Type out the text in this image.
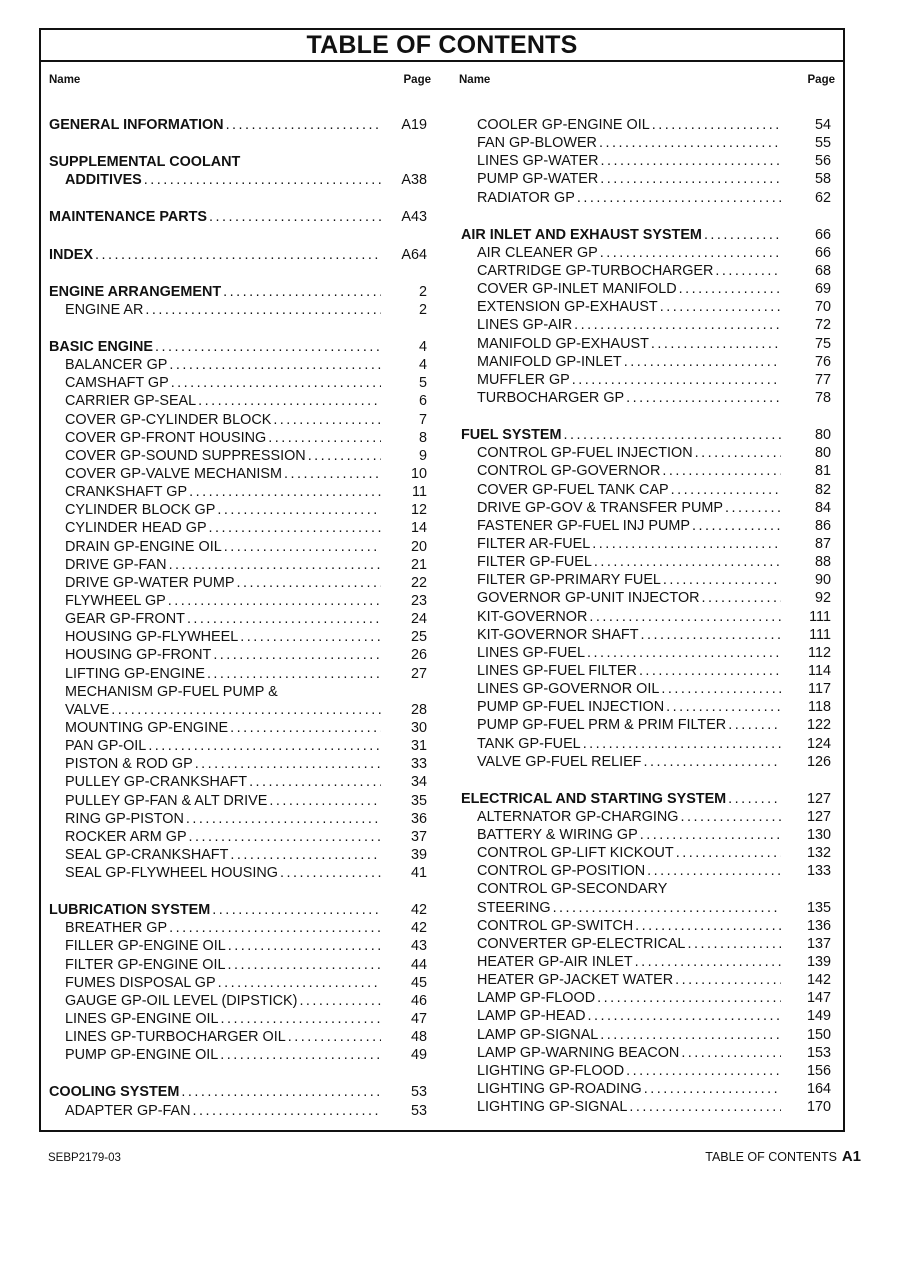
TABLE OF CONTENTS
Name	Page
GENERAL INFORMATION .....	A19
SUPPLEMENTAL COOLANT
ADDITIVES .....	A38
MAINTENANCE PARTS .....	A43
INDEX .....	A64
ENGINE ARRANGEMENT .....	2
ENGINE AR .....	2
BASIC ENGINE .....	4
BALANCER GP .....	4
CAMSHAFT GP .....	5
CARRIER GP-SEAL .....	6
COVER GP-CYLINDER BLOCK .....	7
COVER GP-FRONT HOUSING .....	8
COVER GP-SOUND SUPPRESSION .....	9
COVER GP-VALVE MECHANISM .....	10
CRANKSHAFT GP .....	11
CYLINDER BLOCK GP .....	12
CYLINDER HEAD GP .....	14
DRAIN GP-ENGINE OIL .....	20
DRIVE GP-FAN .....	21
DRIVE GP-WATER PUMP .....	22
FLYWHEEL GP .....	23
GEAR GP-FRONT .....	24
HOUSING GP-FLYWHEEL .....	25
HOUSING GP-FRONT .....	26
LIFTING GP-ENGINE .....	27
MECHANISM GP-FUEL PUMP &
VALVE .....	28
MOUNTING GP-ENGINE .....	30
PAN GP-OIL .....	31
PISTON & ROD GP .....	33
PULLEY GP-CRANKSHAFT .....	34
PULLEY GP-FAN & ALT DRIVE .....	35
RING GP-PISTON .....	36
ROCKER ARM GP .....	37
SEAL GP-CRANKSHAFT .....	39
SEAL GP-FLYWHEEL HOUSING .....	41
LUBRICATION SYSTEM .....	42
BREATHER GP .....	42
FILLER GP-ENGINE OIL .....	43
FILTER GP-ENGINE OIL .....	44
FUMES DISPOSAL GP .....	45
GAUGE GP-OIL LEVEL (DIPSTICK) .....	46
LINES GP-ENGINE OIL .....	47
LINES GP-TURBOCHARGER OIL .....	48
PUMP GP-ENGINE OIL .....	49
COOLING SYSTEM .....	53
ADAPTER GP-FAN .....	53
Name	Page
COOLER GP-ENGINE OIL .....	54
FAN GP-BLOWER .....	55
LINES GP-WATER .....	56
PUMP GP-WATER .....	58
RADIATOR GP .....	62
AIR INLET AND EXHAUST SYSTEM .....	66
AIR CLEANER GP .....	66
CARTRIDGE GP-TURBOCHARGER .....	68
COVER GP-INLET MANIFOLD .....	69
EXTENSION GP-EXHAUST .....	70
LINES GP-AIR .....	72
MANIFOLD GP-EXHAUST .....	75
MANIFOLD GP-INLET .....	76
MUFFLER GP .....	77
TURBOCHARGER GP .....	78
FUEL SYSTEM .....	80
CONTROL GP-FUEL INJECTION .....	80
CONTROL GP-GOVERNOR .....	81
COVER GP-FUEL TANK CAP .....	82
DRIVE GP-GOV & TRANSFER PUMP .....	84
FASTENER GP-FUEL INJ PUMP .....	86
FILTER AR-FUEL .....	87
FILTER GP-FUEL .....	88
FILTER GP-PRIMARY FUEL .....	90
GOVERNOR GP-UNIT INJECTOR .....	92
KIT-GOVERNOR .....	111
KIT-GOVERNOR SHAFT .....	111
LINES GP-FUEL .....	112
LINES GP-FUEL FILTER .....	114
LINES GP-GOVERNOR OIL .....	117
PUMP GP-FUEL INJECTION .....	118
PUMP GP-FUEL PRM & PRIM FILTER .....	122
TANK GP-FUEL .....	124
VALVE GP-FUEL RELIEF .....	126
ELECTRICAL AND STARTING SYSTEM .....	127
ALTERNATOR GP-CHARGING .....	127
BATTERY & WIRING GP .....	130
CONTROL GP-LIFT KICKOUT .....	132
CONTROL GP-POSITION .....	133
CONTROL GP-SECONDARY
STEERING .....	135
CONTROL GP-SWITCH .....	136
CONVERTER GP-ELECTRICAL .....	137
HEATER GP-AIR INLET .....	139
HEATER GP-JACKET WATER .....	142
LAMP GP-FLOOD .....	147
LAMP GP-HEAD .....	149
LAMP GP-SIGNAL .....	150
LAMP GP-WARNING BEACON .....	153
LIGHTING GP-FLOOD .....	156
LIGHTING GP-ROADING .....	164
LIGHTING GP-SIGNAL .....	170
SEBP2179-03	TABLE OF CONTENTS A1
